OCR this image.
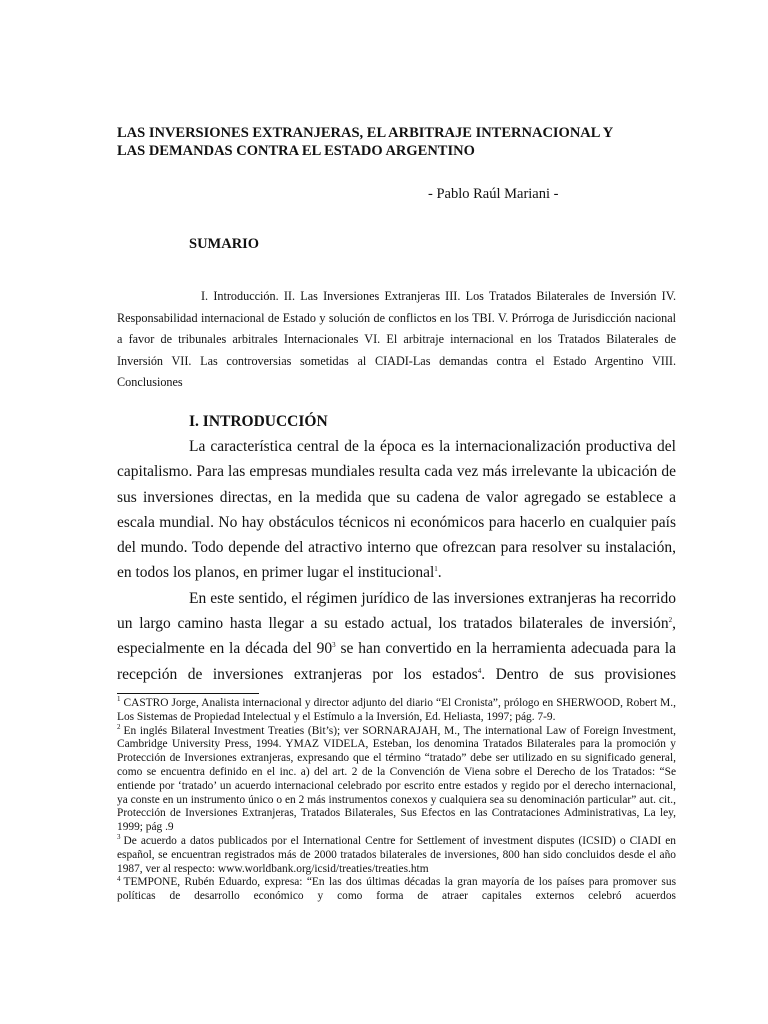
LAS INVERSIONES EXTRANJERAS, EL ARBITRAJE INTERNACIONAL Y
LAS DEMANDAS CONTRA EL ESTADO ARGENTINO
- Pablo Raúl Mariani -
SUMARIO

I. Introducción. II. Las Inversiones Extranjeras III. Los Tratados Bilaterales de Inversión IV. Responsabilidad internacional de Estado y solución de conflictos en los TBI. V. Prórroga de Jurisdicción nacional a favor de tribunales arbitrales Internacionales VI. El arbitraje internacional en los Tratados Bilaterales de Inversión VII. Las controversias sometidas al CIADI-Las demandas contra el Estado Argentino VIII. Conclusiones

I. INTRODUCCIÓN

La característica central de la época es la internacionalización productiva del capitalismo. Para las empresas mundiales resulta cada vez más irrelevante la ubicación de sus inversiones directas, en la medida que su cadena de valor agregado se establece a escala mundial. No hay obstáculos técnicos ni económicos para hacerlo en cualquier país del mundo. Todo depende del atractivo interno que ofrezcan para resolver su instalación, en todos los planos, en primer lugar el institucional$^1$.

En este sentido, el régimen jurídico de las inversiones extranjeras ha recorrido un largo camino hasta llegar a su estado actual, los tratados bilaterales de inversión$^2$, especialmente en la década del $90^3$ se han convertido en la herramienta adecuada para la recepción de inversiones extranjeras por los estados$^4$. Dentro de sus provisiones

$^1$ CASTRO Jorge, Analista internacional y director adjunto del diario “El Cronista”, prólogo en SHERWOOD, Robert M., Los Sistemas de Propiedad Intelectual y el Estímulo a la Inversión, Ed. Heliasta, 1997; pág. 7-9.

$^2$ En inglés Bilateral Investment Treaties (Bit’s); ver SORNARAJAH, M., The international Law of Foreign Investment, Cambridge University Press, 1994. YMAZ VIDELA, Esteban, los denomina Tratados Bilaterales para la promoción y Protección de Inversiones extranjeras, expresando que el término “tratado” debe ser utilizado en su significado general, como se encuentra definido en el inc. a) del art. 2 de la Convención de Viena sobre el Derecho de los Tratados: “Se entiende por ‘tratado’ un acuerdo internacional celebrado por escrito entre estados y regido por el derecho internacional, ya conste en un instrumento único o en 2 más instrumentos conexos y cualquiera sea su denominación particular” aut. cit., Protección de Inversiones Extranjeras, Tratados Bilaterales, Sus Efectos en las Contrataciones Administrativas, La ley, 1999; pág .9

$^3$ De acuerdo a datos publicados por el International Centre for Settlement of investment disputes (ICSID) o CIADI en español, se encuentran registrados más de 2000 tratados bilaterales de inversiones, 800 han sido concluidos desde el año 1987, ver al respecto: www.worldbank.org/icsid/treaties/treaties.htm

$^4$ TEMPONE, Rubén Eduardo, expresa: “En las dos últimas décadas la gran mayoría de los países para promover sus políticas de desarrollo económico y como forma de atraer capitales externos celebró acuerdos
